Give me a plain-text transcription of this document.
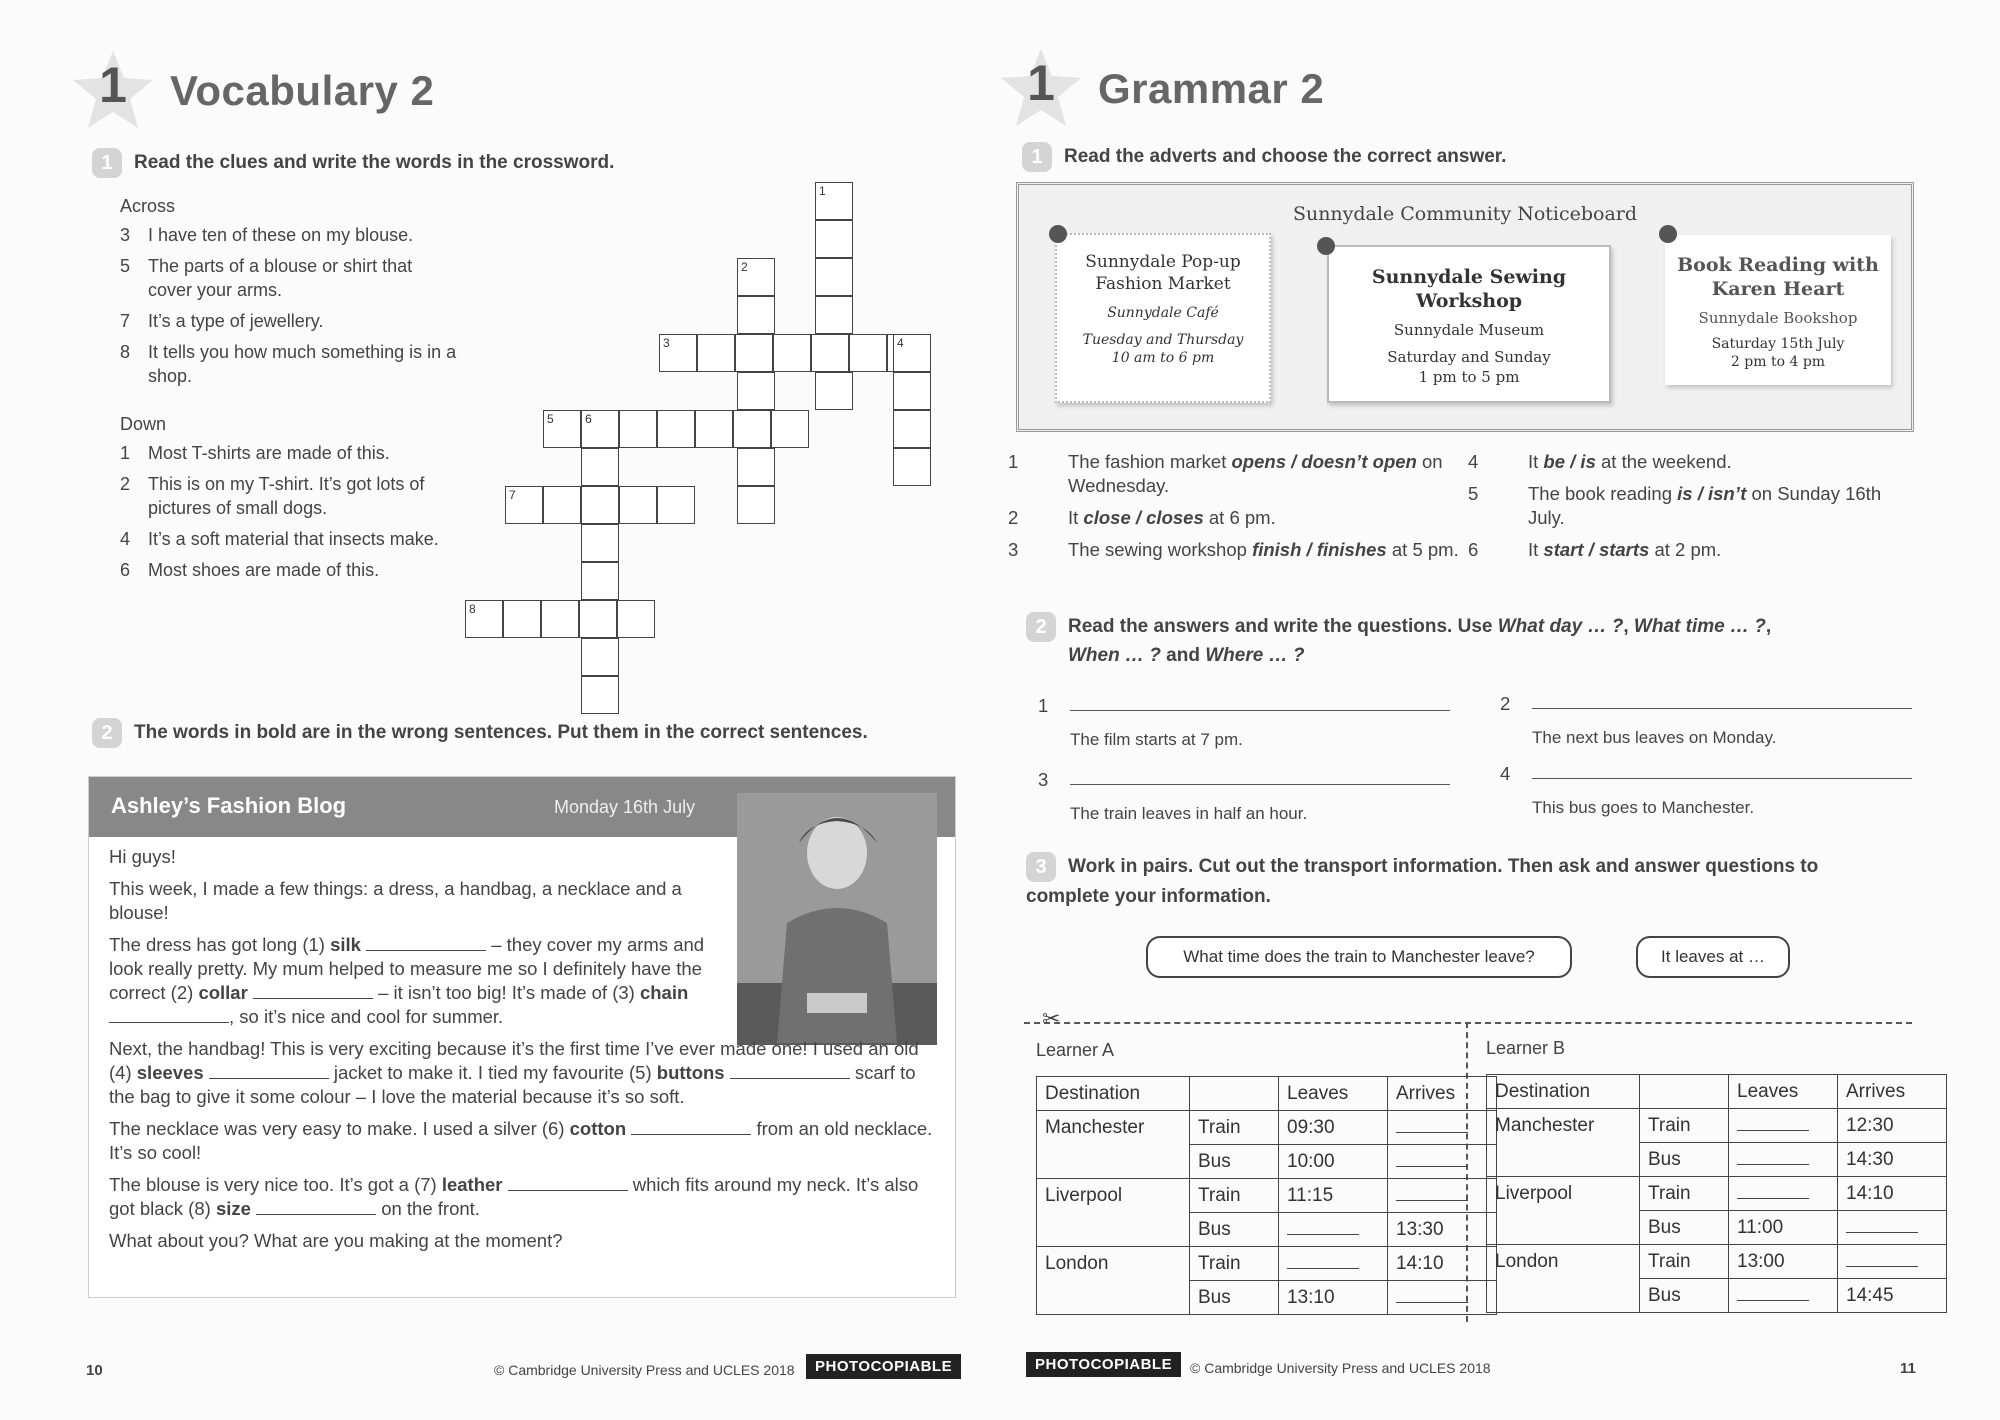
1	Vocabulary 2
1 Read the clues and write the words in the crossword.
Across
3 I have ten of these on my blouse.
5 The parts of a blouse or shirt that cover your arms.
7 It’s a type of jewellery.
8 It tells you how much something is in a shop.
Down
1 Most T-shirts are made of this.
2 This is on my T-shirt. It’s got lots of pictures of small dogs.
4 It’s a soft material that insects make.
6 Most shoes are made of this.
1
2
3	4
5	6
7
8
2 The words in bold are in the wrong sentences. Put them in the correct sentences.
Ashley’s Fashion Blog	Monday 16th July

Hi guys!

This week, I made a few things: a dress, a handbag, a necklace and a blouse!

The dress has got long (1) silk	– they cover my arms and look really pretty. My mum helped to measure me so I definitely have the correct (2) collar	– it isn’t too big! It’s made of (3) chain , so it’s nice and cool for summer.

Next, the handbag! This is very exciting because it’s the first time I’ve ever made one! I used an old (4) sleeves	jacket to make it. I tied my favourite (5) buttons	scarf to the bag to give it some colour – I love the material because it’s so soft.

The necklace was very easy to make. I used a silver (6) cotton	from an old necklace. It’s so cool!

The blouse is very nice too. It’s got a (7) leather	which fits around my neck. It’s also got black (8) size	on the front.

What about you? What are you making at the moment?

10	© Cambridge University Press and UCLES 2018	PHOTOCOPIABLE
1	Grammar 2
1 Read the adverts and choose the correct answer.
Sunnydale Community Noticeboard
Sunnydale Pop-up Fashion Market
Sunnydale Café
Tuesday and Thursday
10 am to 6 pm
Sunnydale Sewing Workshop
Sunnydale Museum
Saturday and Sunday
1 pm to 5 pm
Book Reading with Karen Heart
Sunnydale Bookshop
Saturday 15th July
2 pm to 4 pm
1	The fashion market opens / doesn’t open on Wednesday.
2	It close / closes at 6 pm.
3	The sewing workshop finish / finishes at 5 pm.
4	It be / is at the weekend.
5	The book reading is / isn’t on Sunday 16th July.
6	It start / starts at 2 pm.
2 Read the answers and write the questions. Use What day … ?, What time … ?,
When … ? and Where … ?
1
The film starts at 7 pm.
2
The next bus leaves on Monday.
3
The train leaves in half an hour.
4
This bus goes to Manchester.
3 Work in pairs. Cut out the transport information. Then ask and answer questions to complete your information.
What time does the train to Manchester leave?	It leaves at …
✂
Learner A	Learner B
Destination		Leaves	Arrives
Manchester	Train	09:30	
	Bus	10:00	
Liverpool	Train	11:15	
	Bus		13:30
London	Train		14:10
	Bus	13:10	
Destination		Leaves	Arrives
Manchester	Train		12:30
	Bus		14:30
Liverpool	Train		14:10
	Bus	11:00	
London	Train	13:00	
	Bus		14:45
PHOTOCOPIABLE	© Cambridge University Press and UCLES 2018	11
